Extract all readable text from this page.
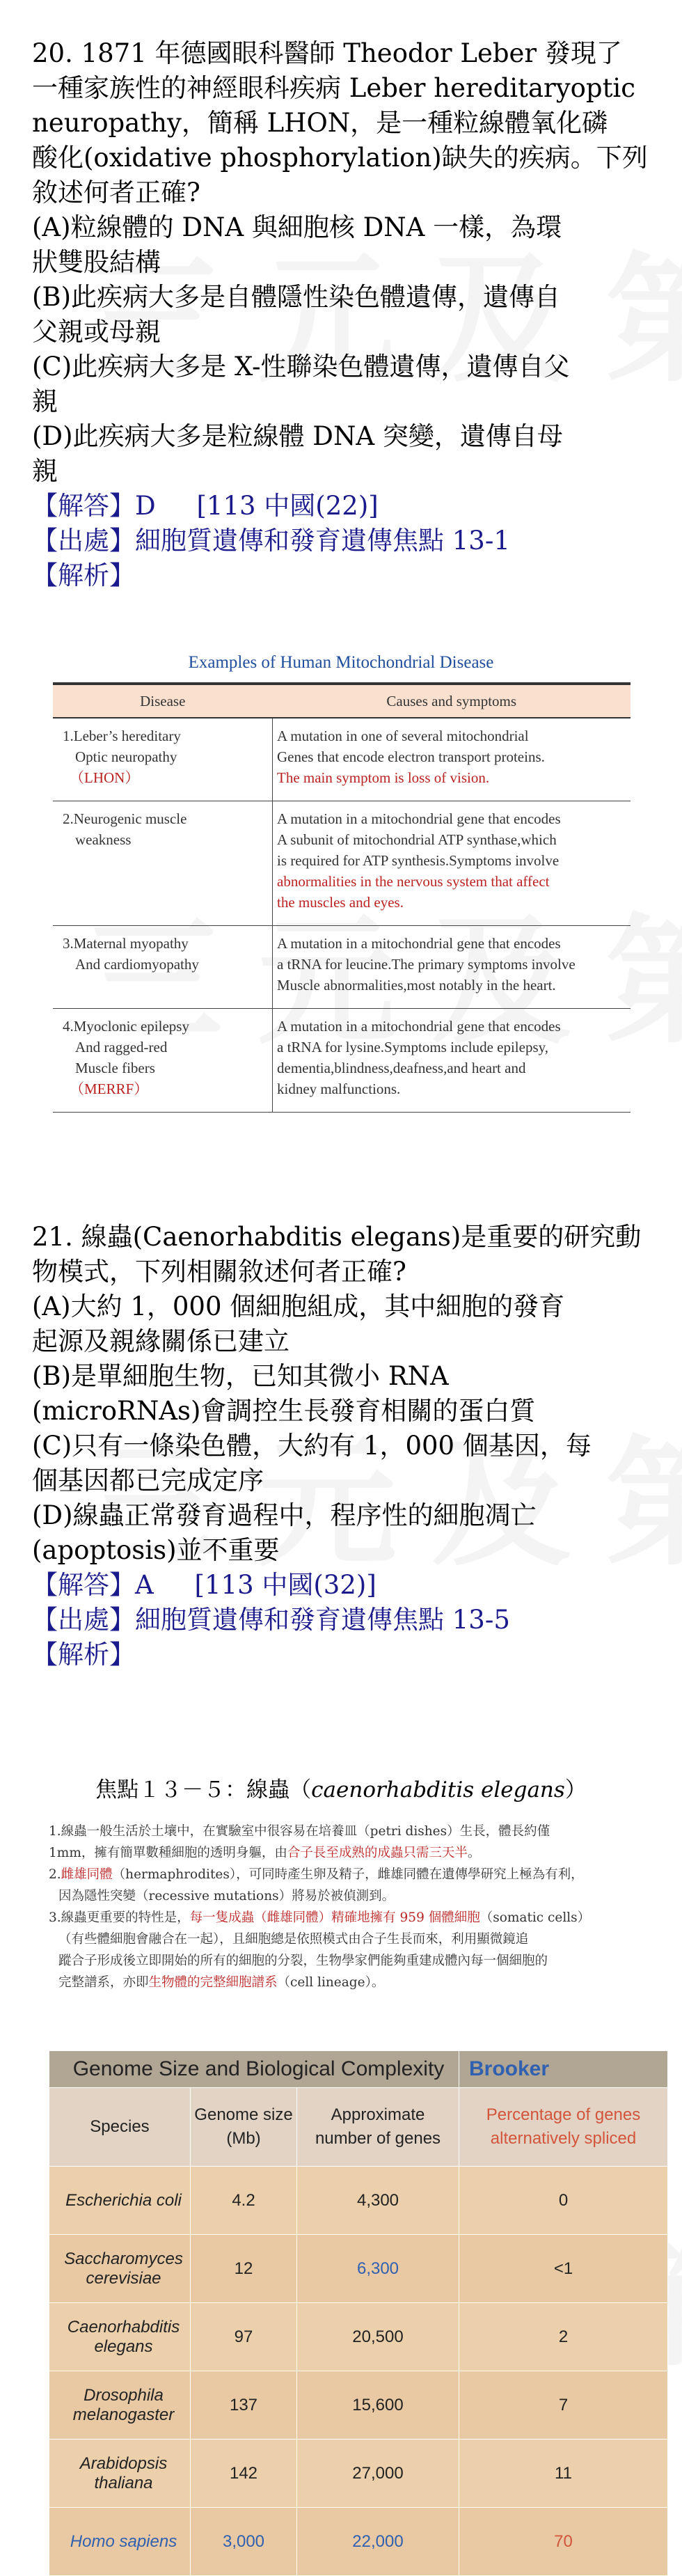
20. 1871 年德國眼科醫師 Theodor Leber 發現了

一種家族性的神經眼科疾病 Leber hereditaryoptic

neuropathy，簡稱 LHON，是一種粒線體氧化磷

酸化(oxidative phosphorylation)缺失的疾病。下列

敘述何者正確?

(A)粒線體的 DNA 與細胞核 DNA 一樣，為環

狀雙股結構

(B)此疾病大多是自體隱性染色體遺傳，遺傳自

父親或母親

(C)此疾病大多是 X-性聯染色體遺傳，遺傳自父

親

(D)此疾病大多是粒線體 DNA 突變，遺傳自母

親

【解答】D [113 中國(22)]

【出處】細胞質遺傳和發育遺傳焦點 13-1

【解析】

Examples of Human Mitochondrial Disease
Disease	Causes and symptoms

1.Leber’s hereditary
Optic neuropathy
（LHON）	A mutation in one of several mitochondrial
Genes that encode electron transport proteins.
The main symptom is loss of vision.

2.Neurogenic muscle
weakness	A mutation in a mitochondrial gene that encodes
A subunit of mitochondrial ATP synthase,which
is required for ATP synthesis.Symptoms involve
abnormalities in the nervous system that affect
the muscles and eyes.

3.Maternal myopathy
And cardiomyopathy	A mutation in a mitochondrial gene that encodes
a tRNA for leucine.The primary symptoms involve
Muscle abnormalities,most notably in the heart.

4.Myoclonic epilepsy
And ragged-red
Muscle fibers
（MERRF）	A mutation in a mitochondrial gene that encodes
a tRNA for lysine.Symptoms include epilepsy,
dementia,blindness,deafness,and heart and
kidney malfunctions.

21. 線蟲(Caenorhabditis elegans)是重要的研究動

物模式，下列相關敘述何者正確?

(A)大約 1，000 個細胞組成，其中細胞的發育

起源及親緣關係已建立

(B)是單細胞生物，已知其微小 RNA

(microRNAs)會調控生長發育相關的蛋白質

(C)只有一條染色體，大約有 1，000 個基因，每

個基因都已完成定序

(D)線蟲正常發育過程中，程序性的細胞凋亡

(apoptosis)並不重要

【解答】A [113 中國(32)]

【出處】細胞質遺傳和發育遺傳焦點 13-5

【解析】

焦點１３－５：線蟲（caenorhabditis elegans）

1.線蟲一般生活於土壤中，在實驗室中很容易在培養皿（petri dishes）生長，體長約僅
1mm，擁有簡單數種細胞的透明身軀，由合子長至成熟的成蟲只需三天半。

2.雌雄同體（hermaphrodites），可同時產生卵及精子，雌雄同體在遺傳學研究上極為有利，
因為隱性突變（recessive mutations）將易於被偵測到。

3.線蟲更重要的特性是，每一隻成蟲（雌雄同體）精確地擁有 959 個體細胞（somatic cells）
（有些體細胞會融合在一起），且細胞總是依照模式由合子生長而來，利用顯微鏡追
蹤合子形成後立即開始的所有的細胞的分裂，生物學家們能夠重建成體內每一個細胞的
完整譜系，亦即生物體的完整細胞譜系（cell lineage）。

Genome Size and Biological Complexity			Brooker
Species	Genome size
(Mb)	Approximate
number of genes	Percentage of genes
alternatively spliced

Escherichia coli	4.2	4,300	0

Saccharomyces
cerevisiae	12	6,300	<1

Caenorhabditis
elegans	97	20,500	2

Drosophila
melanogaster	137	15,600	7

Arabidopsis
thaliana	142	27,000	11

Homo sapiens	3,000	22,000	70
